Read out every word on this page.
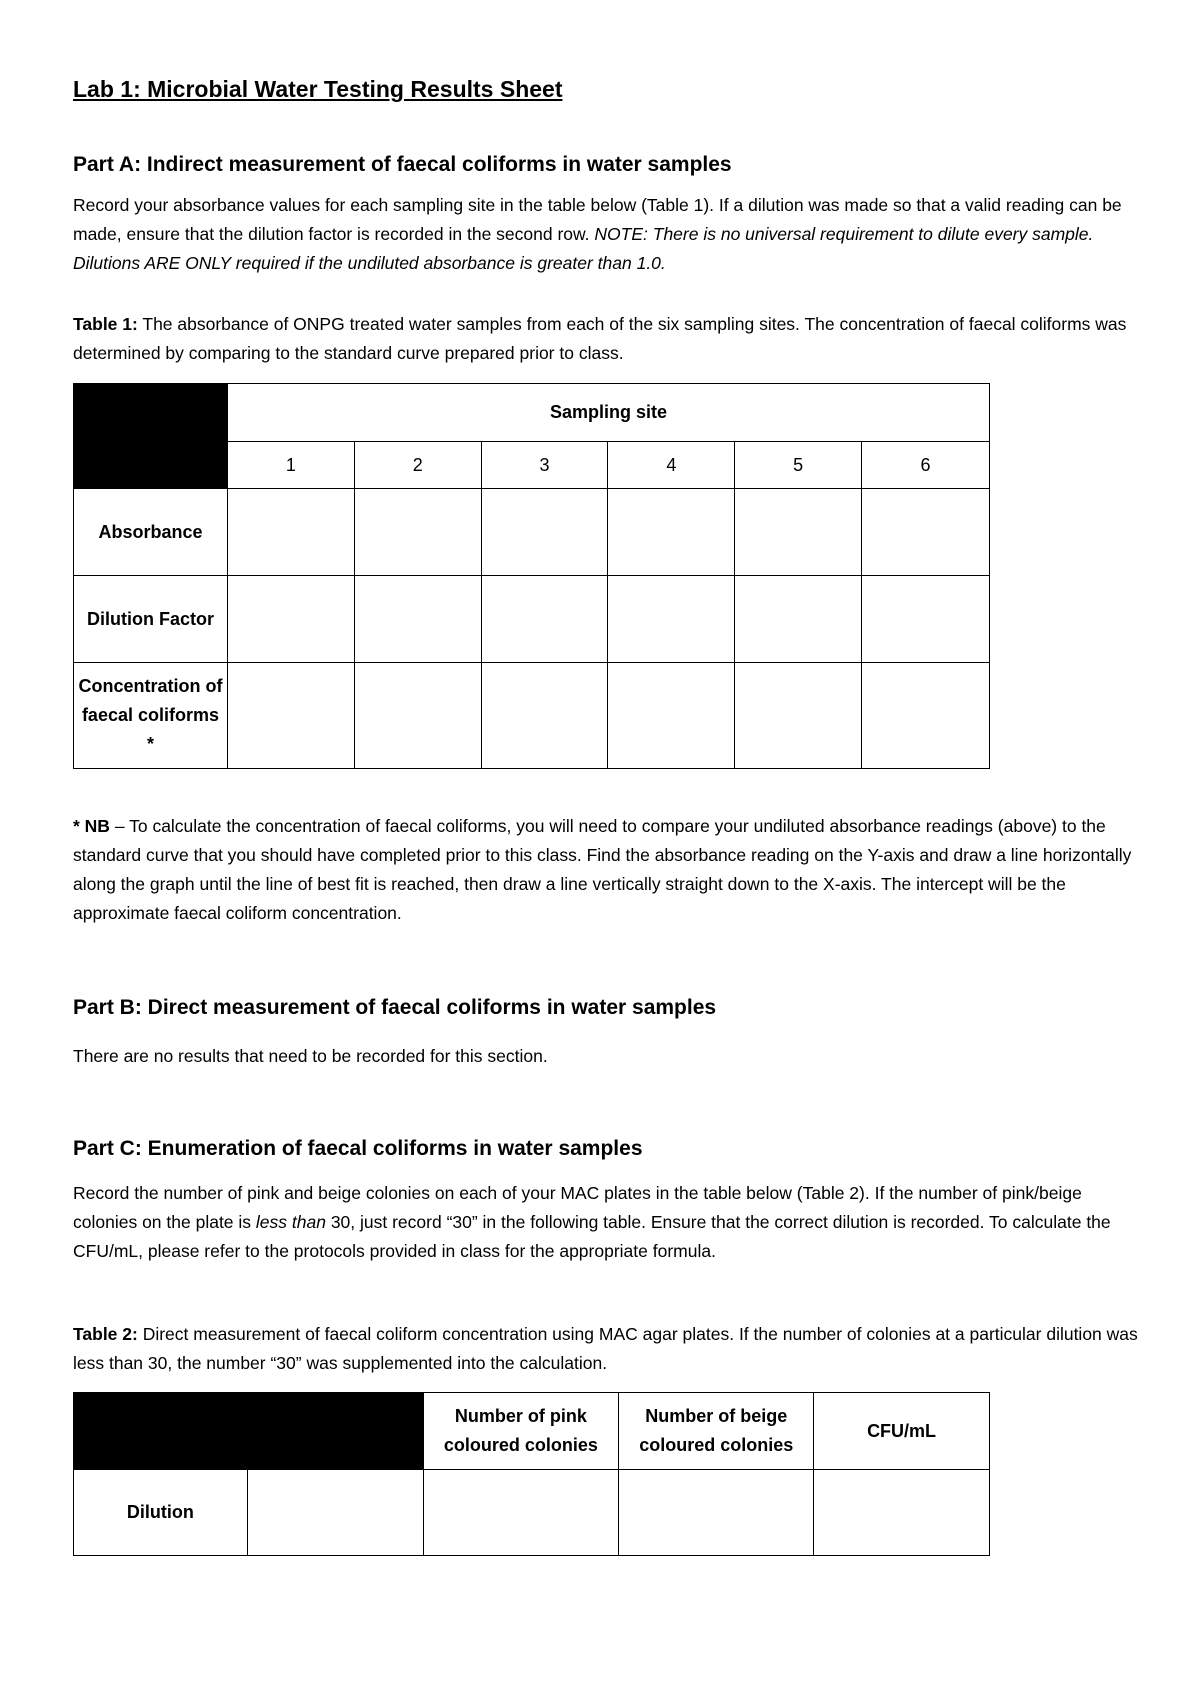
Lab 1: Microbial Water Testing Results Sheet
Part A: Indirect measurement of faecal coliforms in water samples

Record your absorbance values for each sampling site in the table below (Table 1). If a dilution was made so that a valid reading can be made, ensure that the dilution factor is recorded in the second row. NOTE: There is no universal requirement to dilute every sample. Dilutions ARE ONLY required if the undiluted absorbance is greater than 1.0.

Table 1: The absorbance of ONPG treated water samples from each of the six sampling sites. The concentration of faecal coliforms was determined by comparing to the standard curve prepared prior to class.

	Sampling site					
	1	2	3	4	5	6
Absorbance						
Dilution Factor						
Concentration of faecal coliforms *						

* NB – To calculate the concentration of faecal coliforms, you will need to compare your undiluted absorbance readings (above) to the standard curve that you should have completed prior to this class. Find the absorbance reading on the Y-axis and draw a line horizontally along the graph until the line of best fit is reached, then draw a line vertically straight down to the X-axis. The intercept will be the approximate faecal coliform concentration.

Part B: Direct measurement of faecal coliforms in water samples

There are no results that need to be recorded for this section.

Part C: Enumeration of faecal coliforms in water samples

Record the number of pink and beige colonies on each of your MAC plates in the table below (Table 2). If the number of pink/beige colonies on the plate is less than 30, just record “30” in the following table. Ensure that the correct dilution is recorded. To calculate the CFU/mL, please refer to the protocols provided in class for the appropriate formula.

Table 2: Direct measurement of faecal coliform concentration using MAC agar plates. If the number of colonies at a particular dilution was less than 30, the number “30” was supplemented into the calculation.

		Number of pink coloured colonies	Number of beige coloured colonies	CFU/mL
Dilution				
